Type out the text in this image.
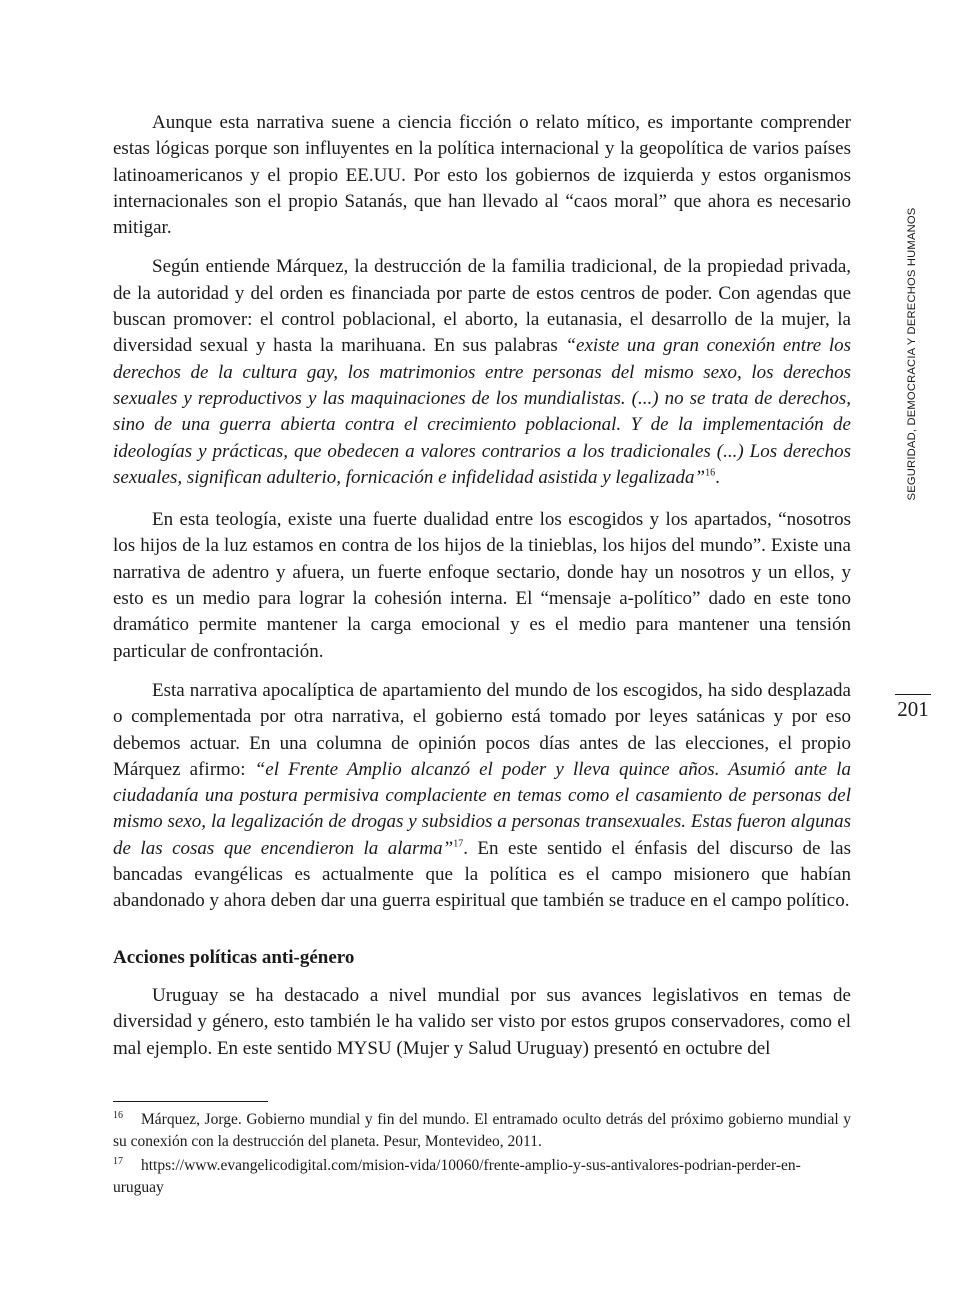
Aunque esta narrativa suene a ciencia ficción o relato mítico, es importante comprender estas lógicas porque son influyentes en la política internacional y la geopolítica de varios países latinoamericanos y el propio EE.UU. Por esto los gobiernos de izquierda y estos organismos internacionales son el propio Satanás, que han llevado al “caos moral” que ahora es necesario mitigar.

Según entiende Márquez, la destrucción de la familia tradicional, de la propiedad privada, de la autoridad y del orden es financiada por parte de estos centros de poder. Con agendas que buscan promover: el control poblacional, el aborto, la eutanasia, el desarrollo de la mujer, la diversidad sexual y hasta la marihuana. En sus palabras “existe una gran conexión entre los derechos de la cultura gay, los matrimonios entre personas del mismo sexo, los derechos sexuales y reproductivos y las maquinaciones de los mundialistas. (...) no se trata de derechos, sino de una guerra abierta contra el crecimiento poblacional. Y de la implementación de ideologías y prácticas, que obedecen a valores contrarios a los tradicionales (...) Los derechos sexuales, significan adulterio, fornicación e infidelidad asistida y legalizada”$^{16}$.

En esta teología, existe una fuerte dualidad entre los escogidos y los apartados, “nosotros los hijos de la luz estamos en contra de los hijos de la tinieblas, los hijos del mundo”. Existe una narrativa de adentro y afuera, un fuerte enfoque sectario, donde hay un nosotros y un ellos, y esto es un medio para lograr la cohesión interna. El “mensaje a-político” dado en este tono dramático permite mantener la carga emocional y es el medio para mantener una tensión particular de confrontación.

Esta narrativa apocalíptica de apartamiento del mundo de los escogidos, ha sido desplazada o complementada por otra narrativa, el gobierno está tomado por leyes satánicas y por eso debemos actuar. En una columna de opinión pocos días antes de las elecciones, el propio Márquez afirmo: “el Frente Amplio alcanzó el poder y lleva quince años. Asumió ante la ciudadanía una postura permisiva complaciente en temas como el casamiento de personas del mismo sexo, la legalización de drogas y subsidios a personas transexuales. Estas fueron algunas de las cosas que encendieron la alarma”$^{17}$. En este sentido el énfasis del discurso de las bancadas evangélicas es actualmente que la política es el campo misionero que habían abandonado y ahora deben dar una guerra espiritual que también se traduce en el campo político.

Acciones políticas anti-género

Uruguay se ha destacado a nivel mundial por sus avances legislativos en temas de diversidad y género, esto también le ha valido ser visto por estos grupos conservadores, como el mal ejemplo. En este sentido MYSU (Mujer y Salud Uruguay) presentó en octubre del

16 Márquez, Jorge. Gobierno mundial y fin del mundo. El entramado oculto detrás del próximo gobierno mundial y su conexión con la destrucción del planeta. Pesur, Montevideo, 2011.

17 https://www.evangelicodigital.com/mision-vida/10060/frente-amplio-y-sus-antivalores-podrian-perder-en-uruguay

SEGURIDAD, DEMOCRACIA Y DERECHOS HUMANOS
201
